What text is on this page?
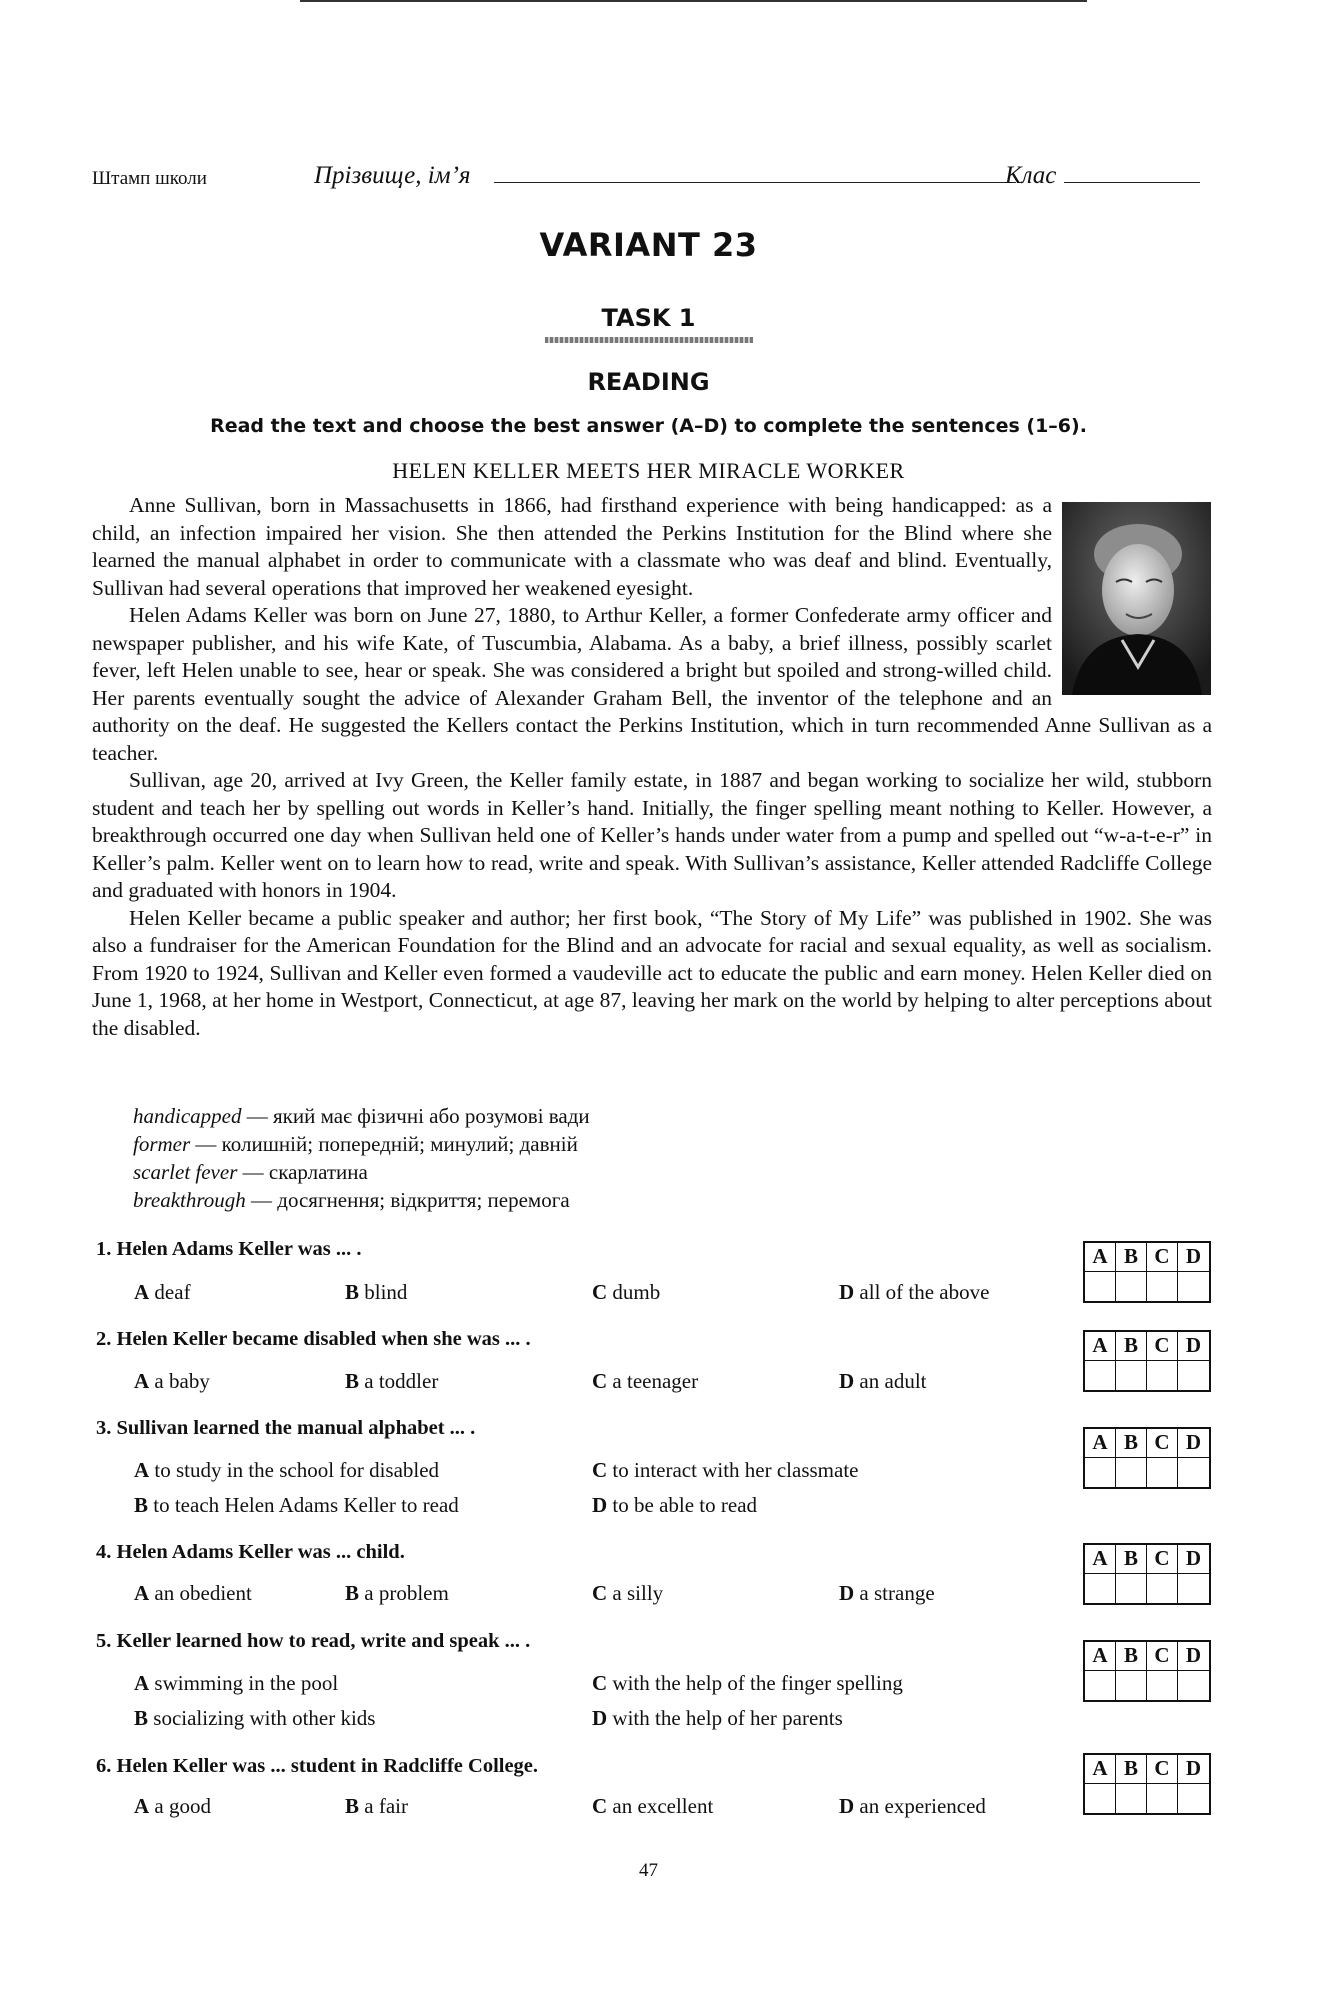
Штамп школи	Прізвище, ім’я	Клас
VARIANT 23
TASK 1
READING
Read the text and choose the best answer (A–D) to complete the sentences (1–6).
HELEN KELLER MEETS HER MIRACLE WORKER

Anne Sullivan, born in Massachusetts in 1866, had firsthand experience with being handicapped: as a child, an infection impaired her vision. She then attended the Perkins Institution for the Blind where she learned the manual alphabet in order to communicate with a classmate who was deaf and blind. Eventually, Sullivan had several operations that improved her weakened eyesight.

Helen Adams Keller was born on June 27, 1880, to Arthur Keller, a former Confederate army officer and newspaper publisher, and his wife Kate, of Tuscumbia, Alabama. As a baby, a brief illness, possibly scarlet fever, left Helen unable to see, hear or speak. She was considered a bright but spoiled and strong-willed child. Her parents eventually sought the advice of Alexander Graham Bell, the inventor of the telephone and an authority on the deaf. He suggested the Kellers contact the Perkins Institution, which in turn recommended Anne Sullivan as a teacher.

Sullivan, age 20, arrived at Ivy Green, the Keller family estate, in 1887 and began working to socialize her wild, stubborn student and teach her by spelling out words in Keller’s hand. Initially, the finger spelling meant nothing to Keller. However, a breakthrough occurred one day when Sullivan held one of Keller’s hands under water from a pump and spelled out “w-a-t-e-r” in Keller’s palm. Keller went on to learn how to read, write and speak. With Sullivan’s assistance, Keller attended Radcliffe College and graduated with honors in 1904.

Helen Keller became a public speaker and author; her first book, “The Story of My Life” was published in 1902. She was also a fundraiser for the American Foundation for the Blind and an advocate for racial and sexual equality, as well as socialism. From 1920 to 1924, Sullivan and Keller even formed a vaudeville act to educate the public and earn money. Helen Keller died on June 1, 1968, at her home in Westport, Connecticut, at age 87, leaving her mark on the world by helping to alter perceptions about the disabled.

handicapped — який має фізичні або розумові вади
former — колишній; попередній; минулий; давній
scarlet fever — скарлатина
breakthrough — досягнення; відкриття; перемога
1. Helen Adams Keller was ... .
A deaf	B blind	C dumb	D all of the above
A B C D
2. Helen Keller became disabled when she was ... .
A a baby	B a toddler	C a teenager	D an adult
A B C D
3. Sullivan learned the manual alphabet ... .
A to study in the school for disabled
B to teach Helen Adams Keller to read
C to interact with her classmate
D to be able to read
A B C D
4. Helen Adams Keller was ... child.
A an obedient	B a problem	C a silly	D a strange
A B C D
5. Keller learned how to read, write and speak ... .
A swimming in the pool
B socializing with other kids
C with the help of the finger spelling
D with the help of her parents
A B C D
6. Helen Keller was ... student in Radcliffe College.
A a good	B a fair	C an excellent	D an experienced
A B C D
47
